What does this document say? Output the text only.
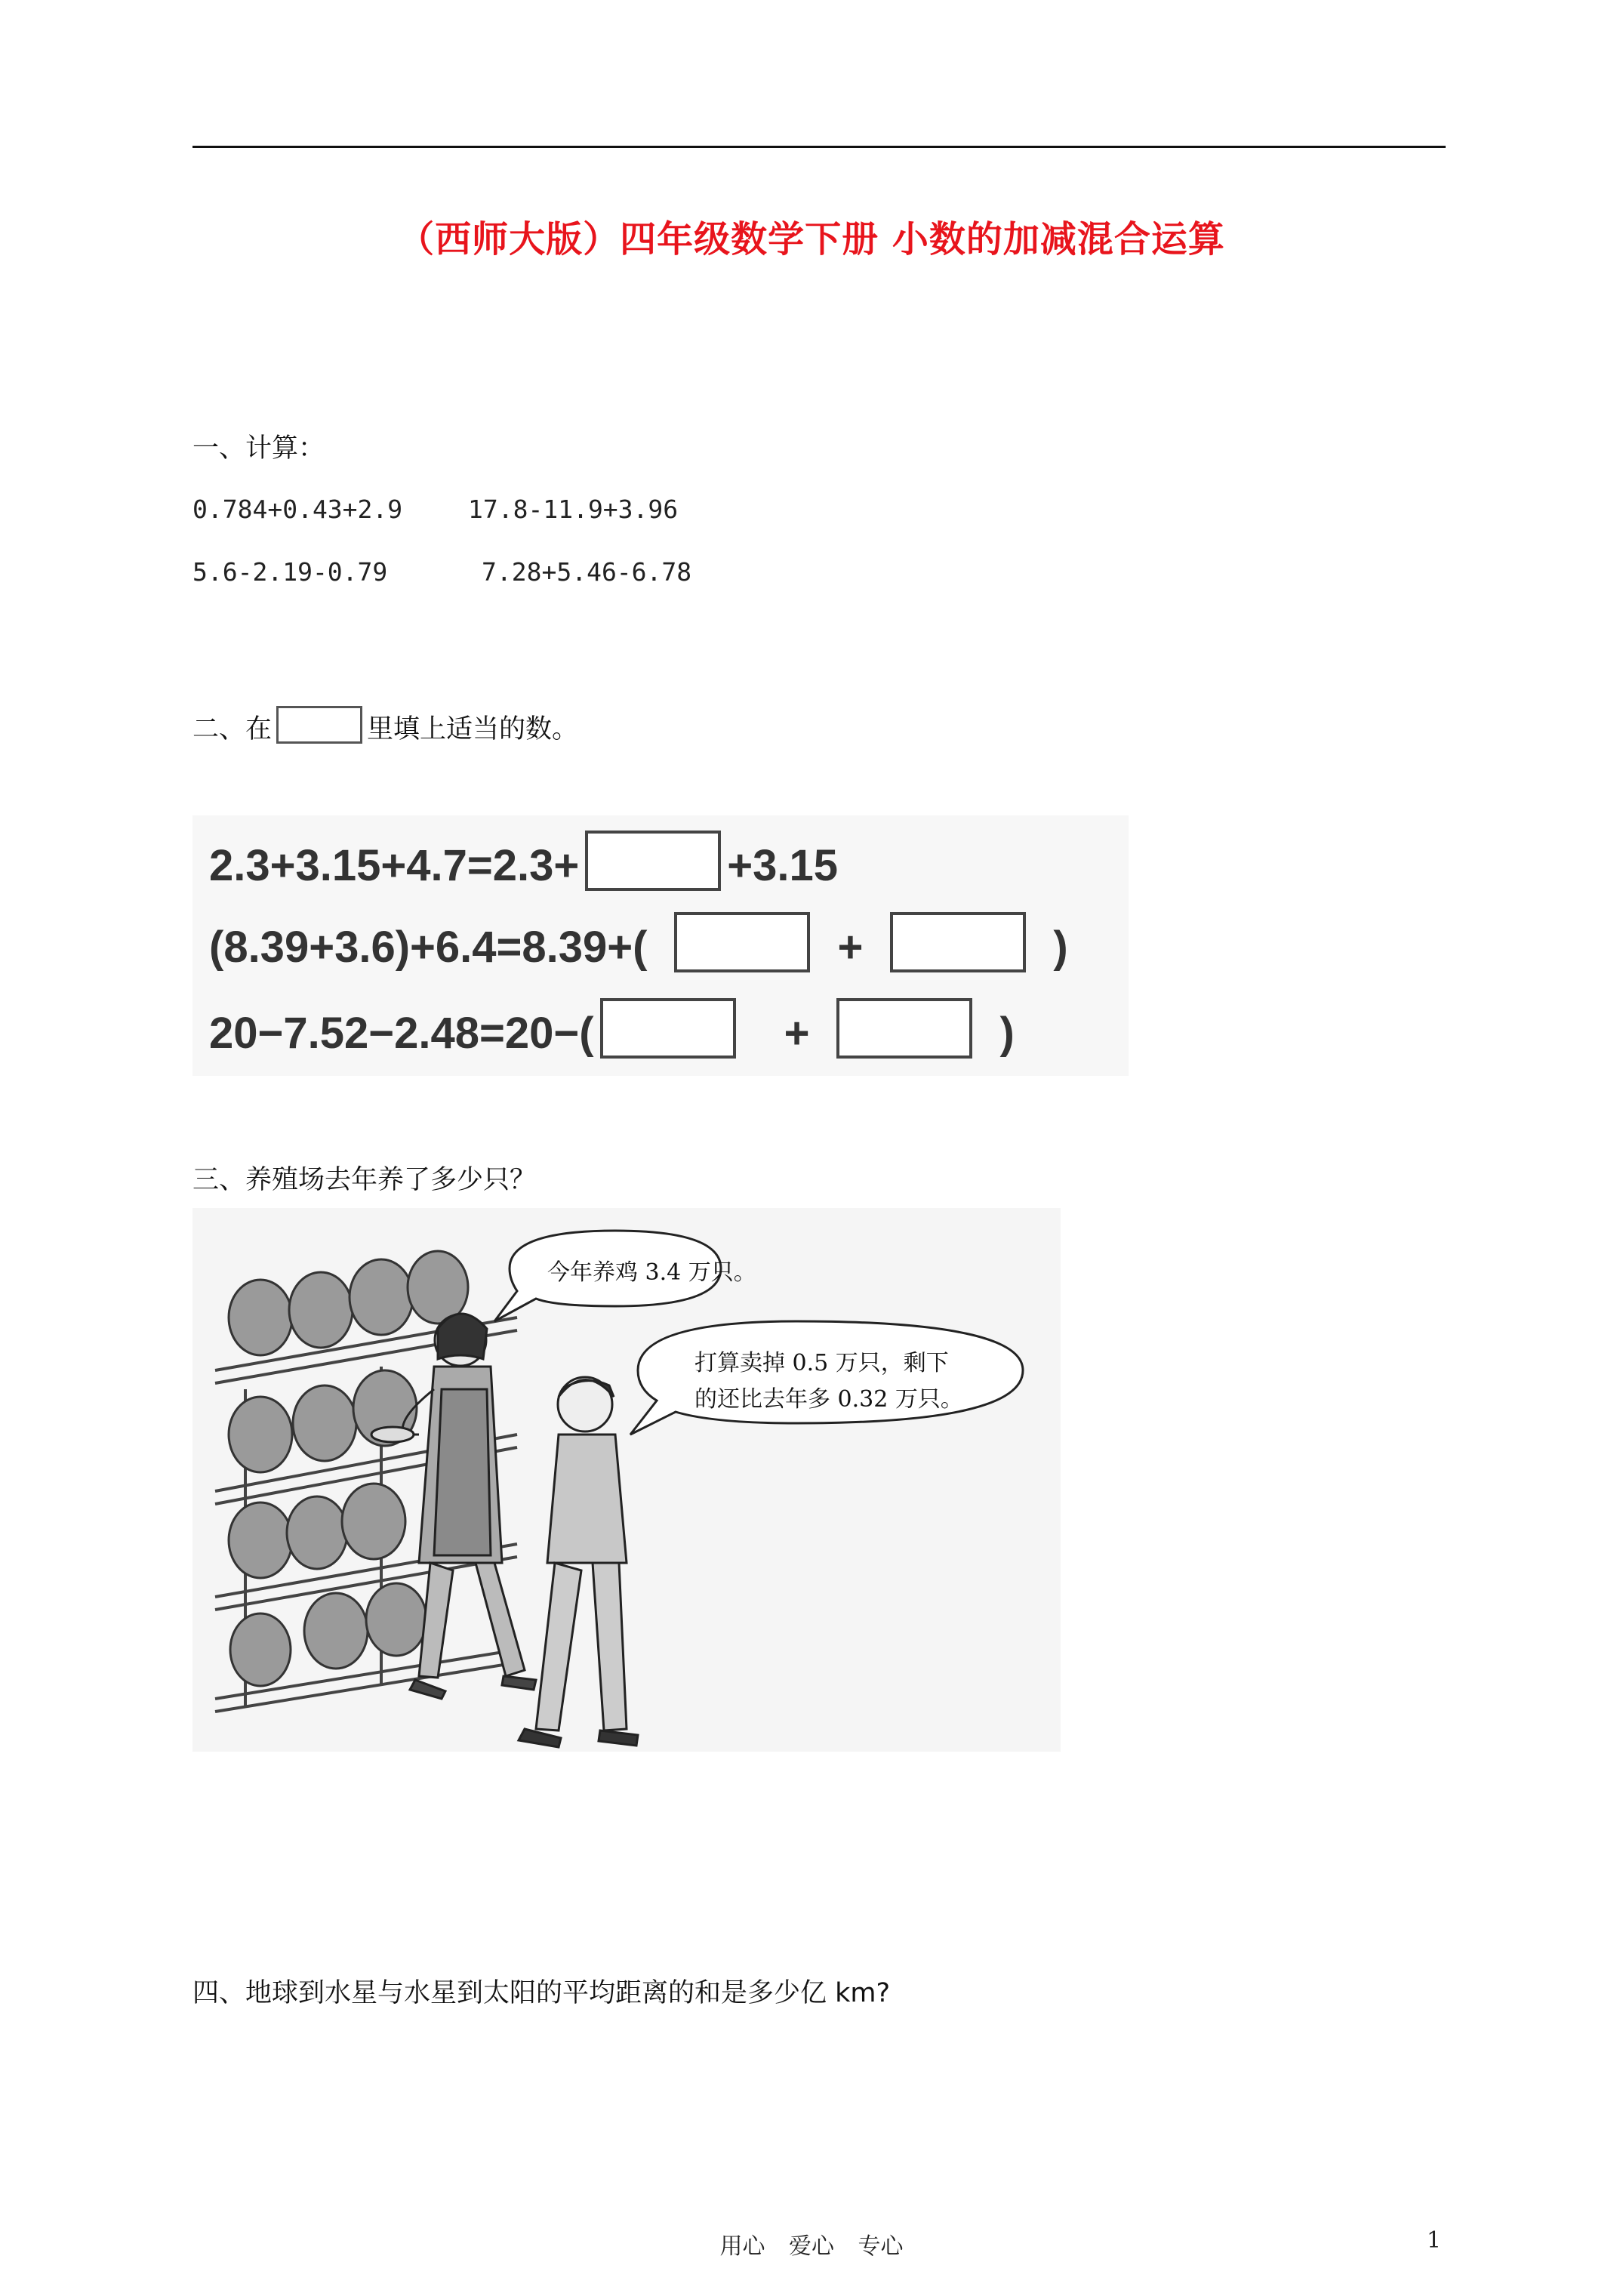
（西师大版）四年级数学下册 小数的加减混合运算
一、计算：
0.784+0.43+2.9	17.8-11.9+3.96
5.6-2.19-0.79	7.28+5.46-6.78
二、在	里填上适当的数。
2.3+3.15+4.7=2.3+	+3.15
(8.39+3.6)+6.4=8.39+(	+	)
20−7.52−2.48=20−(	+	)
三、养殖场去年养了多少只？
今年养鸡 3.4 万只。
打算卖掉 0.5 万只，剩下
的还比去年多 0.32 万只。
四、地球到水星与水星到太阳的平均距离的和是多少亿 km?
用心 爱心 专心	1
